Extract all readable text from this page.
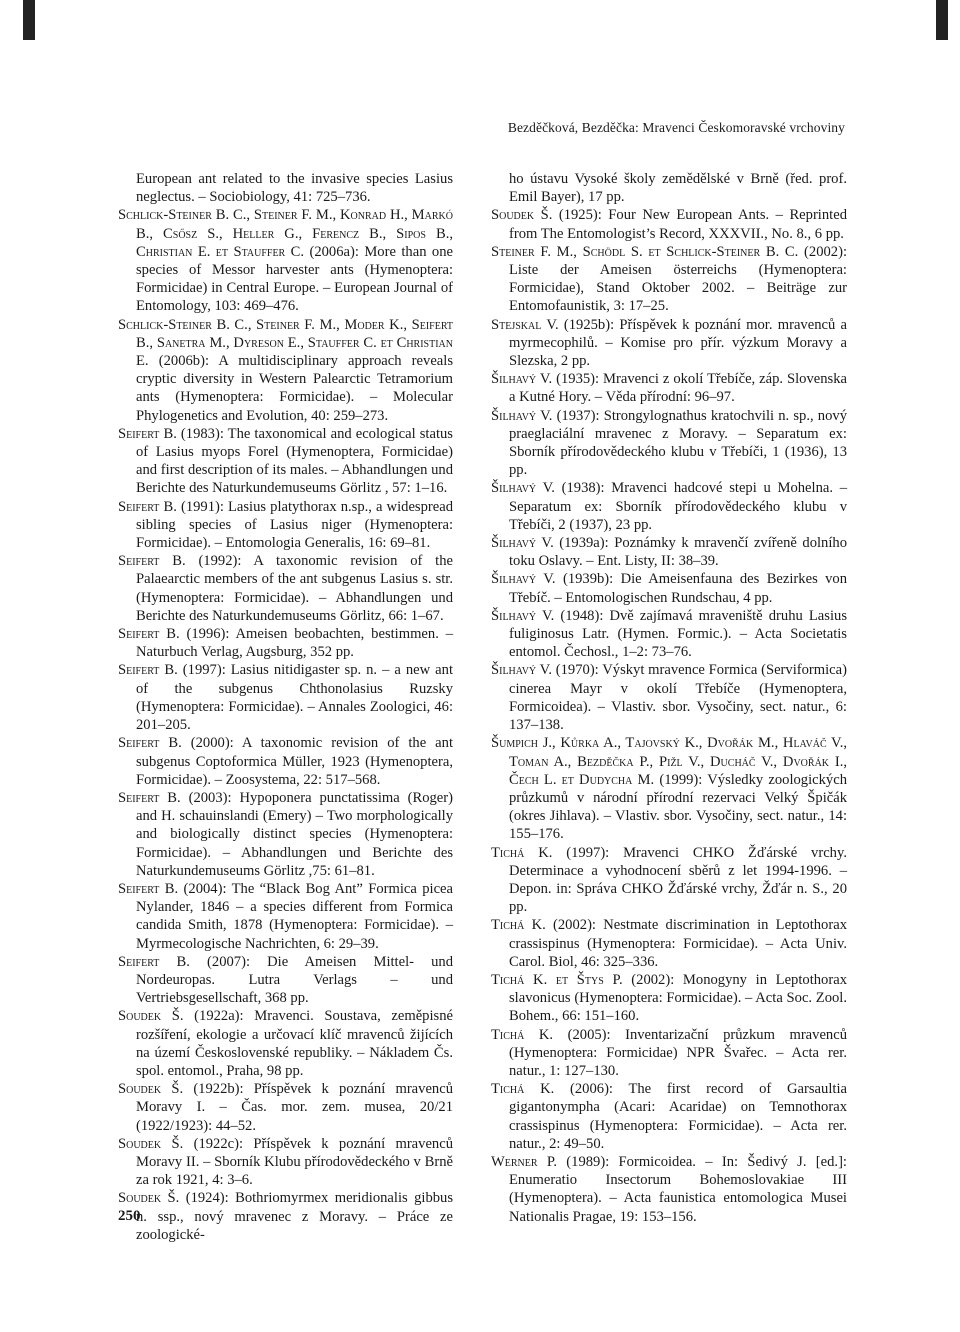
Bezděčková, Bezděčka: Mravenci Českomoravské vrchoviny
European ant related to the invasive species Lasius neglectus. – Sociobiology, 41: 725–736.
Schlick-Steiner B. C., Steiner F. M., Konrad H., Markó B., Csősz S., Heller G., Ferencz B., Sipos B., Christian E. et Stauffer C. (2006a): More than one species of Messor harvester ants (Hymenoptera: Formicidae) in Central Europe. – European Journal of Entomology, 103: 469–476.
Schlick-Steiner B. C., Steiner F. M., Moder K., Seifert B., Sanetra M., Dyreson E., Stauffer C. et Christian E. (2006b): A multidisciplinary approach reveals cryptic diversity in Western Palearctic Tetramorium ants (Hymenoptera: Formicidae). – Molecular Phylogenetics and Evolution, 40: 259–273.
Seifert B. (1983): The taxonomical and ecological status of Lasius myops Forel (Hymenoptera, Formicidae) and first description of its males. – Abhandlungen und Berichte des Naturkundemuseums Görlitz , 57: 1–16.
Seifert B. (1991): Lasius platythorax n.sp., a widespread sibling species of Lasius niger (Hymenoptera: Formicidae). – Entomologia Generalis, 16: 69–81.
Seifert B. (1992): A taxonomic revision of the Palaearctic members of the ant subgenus Lasius s. str. (Hymenoptera: Formicidae). – Abhandlungen und Berichte des Naturkundemuseums Görlitz, 66: 1–67.
Seifert B. (1996): Ameisen beobachten, bestimmen. – Naturbuch Verlag, Augsburg, 352 pp.
Seifert B. (1997): Lasius nitidigaster sp. n. – a new ant of the subgenus Chthonolasius Ruzsky (Hymenoptera: Formicidae). – Annales Zoologici, 46: 201–205.
Seifert B. (2000): A taxonomic revision of the ant subgenus Coptoformica Müller, 1923 (Hymenoptera, Formicidae). – Zoosystema, 22: 517–568.
Seifert B. (2003): Hypoponera punctatissima (Roger) and H. schauinslandi (Emery) – Two morphologically and biologically distinct species (Hymenoptera: Formicidae). – Abhandlungen und Berichte des Naturkundemuseums Görlitz ,75: 61–81.
Seifert B. (2004): The “Black Bog Ant” Formica picea Nylander, 1846 – a species different from Formica candida Smith, 1878 (Hymenoptera: Formicidae). – Myrmecologische Nachrichten, 6: 29–39.
Seifert B. (2007): Die Ameisen Mittel- und Nordeuropas. Lutra Verlags – und Vertriebsgesellschaft, 368 pp.
Soudek Š. (1922a): Mravenci. Soustava, zeměpisné rozšíření, ekologie a určovací klíč mravenců žijících na území Československé republiky. – Nákladem Čs. spol. entomol., Praha, 98 pp.
Soudek Š. (1922b): Příspěvek k poznání mravenců Moravy I. – Čas. mor. zem. musea, 20/21 (1922/1923): 44–52.
Soudek Š. (1922c): Příspěvek k poznání mravenců Moravy II. – Sborník Klubu přírodovědeckého v Brně za rok 1921, 4: 3–6.
Soudek Š. (1924): Bothriomyrmex meridionalis gibbus n. ssp., nový mravenec z Moravy. – Práce ze zoologické-
ho ústavu Vysoké školy zemědělské v Brně (řed. prof. Emil Bayer), 17 pp.
Soudek Š. (1925): Four New European Ants. – Reprinted from The Entomologist’s Record, XXXVII., No. 8., 6 pp.
Steiner F. M., Schödl S. et Schlick-Steiner B. C. (2002): Liste der Ameisen österreichs (Hymenoptera: Formicidae), Stand Oktober 2002. – Beiträge zur Entomofaunistik, 3: 17–25.
Stejskal V. (1925b): Příspěvek k poznání mor. mravenců a myrmecophilů. – Komise pro přír. výzkum Moravy a Slezska, 2 pp.
Šilhavý V. (1935): Mravenci z okolí Třebíče, záp. Slovenska a Kutné Hory. – Věda přírodní: 96–97.
Šilhavý V. (1937): Strongylognathus kratochvili n. sp., nový praeglaciální mravenec z Moravy. – Separatum ex: Sborník přírodovědeckého klubu v Třebíči, 1 (1936), 13 pp.
Šilhavý V. (1938): Mravenci hadcové stepi u Mohelna. – Separatum ex: Sborník přírodovědeckého klubu v Třebíči, 2 (1937), 23 pp.
Šilhavý V. (1939a): Poznámky k mravenčí zvířeně dolního toku Oslavy. – Ent. Listy, II: 38–39.
Šilhavý V. (1939b): Die Ameisenfauna des Bezirkes von Třebíč. – Entomologischen Rundschau, 4 pp.
Šilhavý V. (1948): Dvě zajímavá mraveniště druhu Lasius fuliginosus Latr. (Hymen. Formic.). – Acta Societatis entomol. Čechosl., 1–2: 73–76.
Šilhavý V. (1970): Výskyt mravence Formica (Serviformica) cinerea Mayr v okolí Třebíče (Hymenoptera, Formicoidea). – Vlastiv. sbor. Vysočiny, sect. natur., 6: 137–138.
Šumpich J., Kůrka A., Tajovský K., Dvořák M., Hlaváč V., Toman A., Bezděčka P., Pižl V., Ducháč V., Dvořák I., Čech L. et Dudycha M. (1999): Výsledky zoologických průzkumů v národní přírodní rezervaci Velký Špičák (okres Jihlava). – Vlastiv. sbor. Vysočiny, sect. natur., 14: 155–176.
Tichá K. (1997): Mravenci CHKO Žďárské vrchy. Determinace a vyhodnocení sběrů z let 1994-1996. – Depon. in: Správa CHKO Žďárské vrchy, Žďár n. S., 20 pp.
Tichá K. (2002): Nestmate discrimination in Leptothorax crassispinus (Hymenoptera: Formicidae). – Acta Univ. Carol. Biol, 46: 325–336.
Tichá K. et Štys P. (2002): Monogyny in Leptothorax slavonicus (Hymenoptera: Formicidae). – Acta Soc. Zool. Bohem., 66: 151–160.
Tichá K. (2005): Inventarizační průzkum mravenců (Hymenoptera: Formicidae) NPR Švařec. – Acta rer. natur., 1: 127–130.
Tichá K. (2006): The first record of Garsaultia gigantonympha (Acari: Acaridae) on Temnothorax crassispinus (Hymenoptera: Formicidae). – Acta rer. natur., 2: 49–50.
Werner P. (1989): Formicoidea. – In: Šedivý J. [ed.]: Enumeratio Insectorum Bohemoslovakiae III (Hymenoptera). – Acta faunistica entomologica Musei Nationalis Pragae, 19: 153–156.
250
